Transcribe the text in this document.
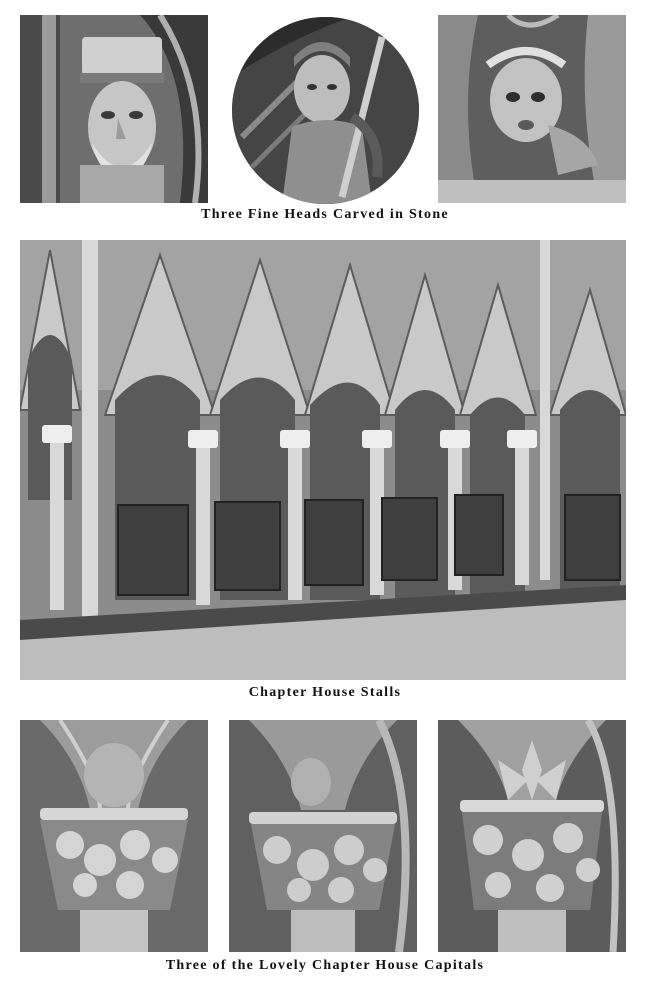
Three Fine Heads Carved in Stone
Chapter House Stalls
Three of the Lovely Chapter House Capitals
